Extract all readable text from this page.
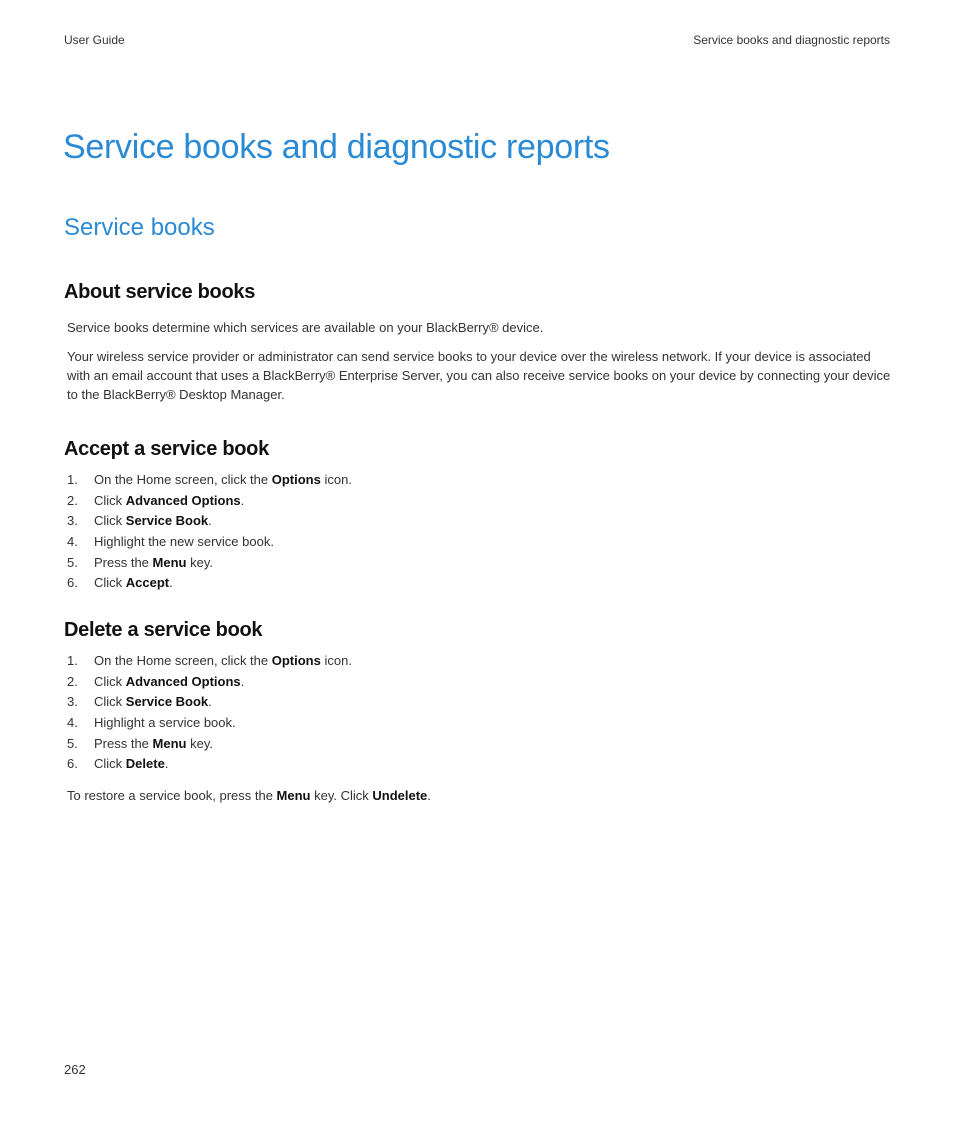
User Guide	Service books and diagnostic reports
Service books and diagnostic reports
Service books
About service books

Service books determine which services are available on your BlackBerry® device.

Your wireless service provider or administrator can send service books to your device over the wireless network. If your device is associated with an email account that uses a BlackBerry® Enterprise Server, you can also receive service books on your device by connecting your device to the BlackBerry® Desktop Manager.

Accept a service book
1. On the Home screen, click the Options icon.
2. Click Advanced Options.
3. Click Service Book.
4. Highlight the new service book.
5. Press the Menu key.
6. Click Accept.
Delete a service book
1. On the Home screen, click the Options icon.
2. Click Advanced Options.
3. Click Service Book.
4. Highlight a service book.
5. Press the Menu key.
6. Click Delete.

To restore a service book, press the Menu key. Click Undelete.

262
